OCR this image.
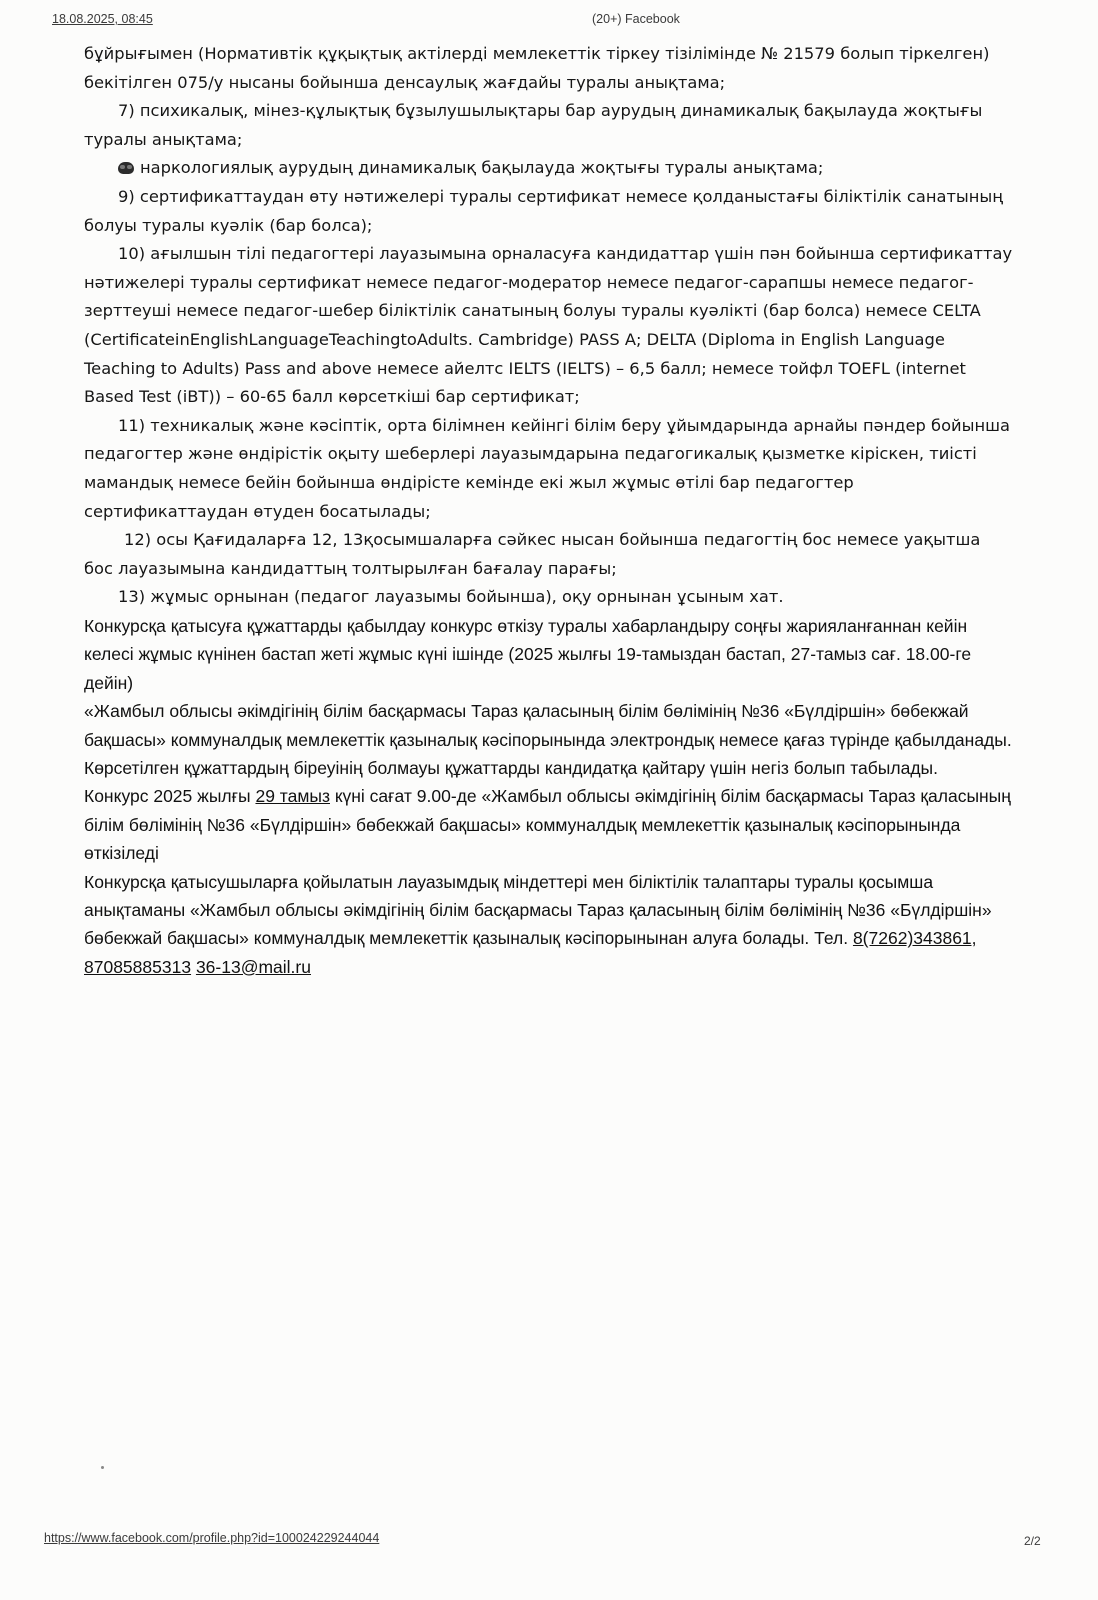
18.08.2025, 08:45	(20+) Facebook

бұйрығымен (Нормативтік құқықтық актілерді мемлекеттік тіркеу тізілімінде № 21579 болып тіркелген) бекітілген 075/у нысаны бойынша денсаулық жағдайы туралы анықтама;

7) психикалық, мінез-құлықтық бұзылушылықтары бар аурудың динамикалық бақылауда жоқтығы туралы анықтама;

наркологиялық аурудың динамикалық бақылауда жоқтығы туралы анықтама;

9) сертификаттаудан өту нәтижелері туралы сертификат немесе қолданыстағы біліктілік санатының болуы туралы куәлік (бар болса);

10) ағылшын тілі педагогтері лауазымына орналасуға кандидаттар үшін пән бойынша сертификаттау нәтижелері туралы сертификат немесе педагог-модератор немесе педагог-сарапшы немесе педагог-зерттеуші немесе педагог-шебер біліктілік санатының болуы туралы куәлікті (бар болса) немесе CELTA (CertificateinEnglishLanguageTeachingtoAdults. Cambridge) PASS A; DELTA (Diploma in English Language Teaching to Adults) Pass and above немесе айелтс IELTS (IELTS) – 6,5 балл; немесе тойфл TOEFL (internet Based Test (iBT)) – 60-65 балл көрсеткіші бар сертификат;

11) техникалық және кәсіптік, орта білімнен кейінгі білім беру ұйымдарында арнайы пәндер бойынша педагогтер және өндірістік оқыту шеберлері лауазымдарына педагогикалық қызметке кіріскен, тиісті мамандық немесе бейін бойынша өндірісте кемінде екі жыл жұмыс өтілі бар педагогтер сертификаттаудан өтуден босатылады;

12) осы Қағидаларға 12, 13қосымшаларға сәйкес нысан бойынша педагогтің бос немесе уақытша бос лауазымына кандидаттың толтырылған бағалау парағы;

13) жұмыс орнынан (педагог лауазымы бойынша), оқу орнынан ұсыным хат.

Конкурсқа қатысуға құжаттарды қабылдау конкурс өткізу туралы хабарландыру соңғы жарияланғаннан кейін келесі жұмыс күнінен бастап жеті жұмыс күні ішінде (2025 жылғы 19-тамыздан бастап, 27-тамыз сағ. 18.00-ге дейін)

«Жамбыл облысы әкімдігінің білім басқармасы Тараз қаласының білім бөлімінің №36 «Бүлдіршін» бөбекжай бақшасы» коммуналдық мемлекеттік қазыналық кәсіпорынында электрондық немесе қағаз түрінде қабылданады.

Көрсетілген құжаттардың біреуінің болмауы құжаттарды кандидатқа қайтару үшін негіз болып табылады.

Конкурс 2025 жылғы 29 тамыз күні сағат 9.00-де «Жамбыл облысы әкімдігінің білім басқармасы Тараз қаласының білім бөлімінің №36 «Бүлдіршін» бөбекжай бақшасы» коммуналдық мемлекеттік қазыналық кәсіпорынында өткізіледі

Конкурсқа қатысушыларға қойылатын лауазымдық міндеттері мен біліктілік талаптары туралы қосымша анықтаманы «Жамбыл облысы әкімдігінің білім басқармасы Тараз қаласының білім бөлімінің №36 «Бүлдіршін» бөбекжай бақшасы» коммуналдық мемлекеттік қазыналық кәсіпорынынан алуға болады. Тел. 8(7262)343861, 87085885313 36-13@mail.ru

https://www.facebook.com/profile.php?id=100024229244044	2/2
